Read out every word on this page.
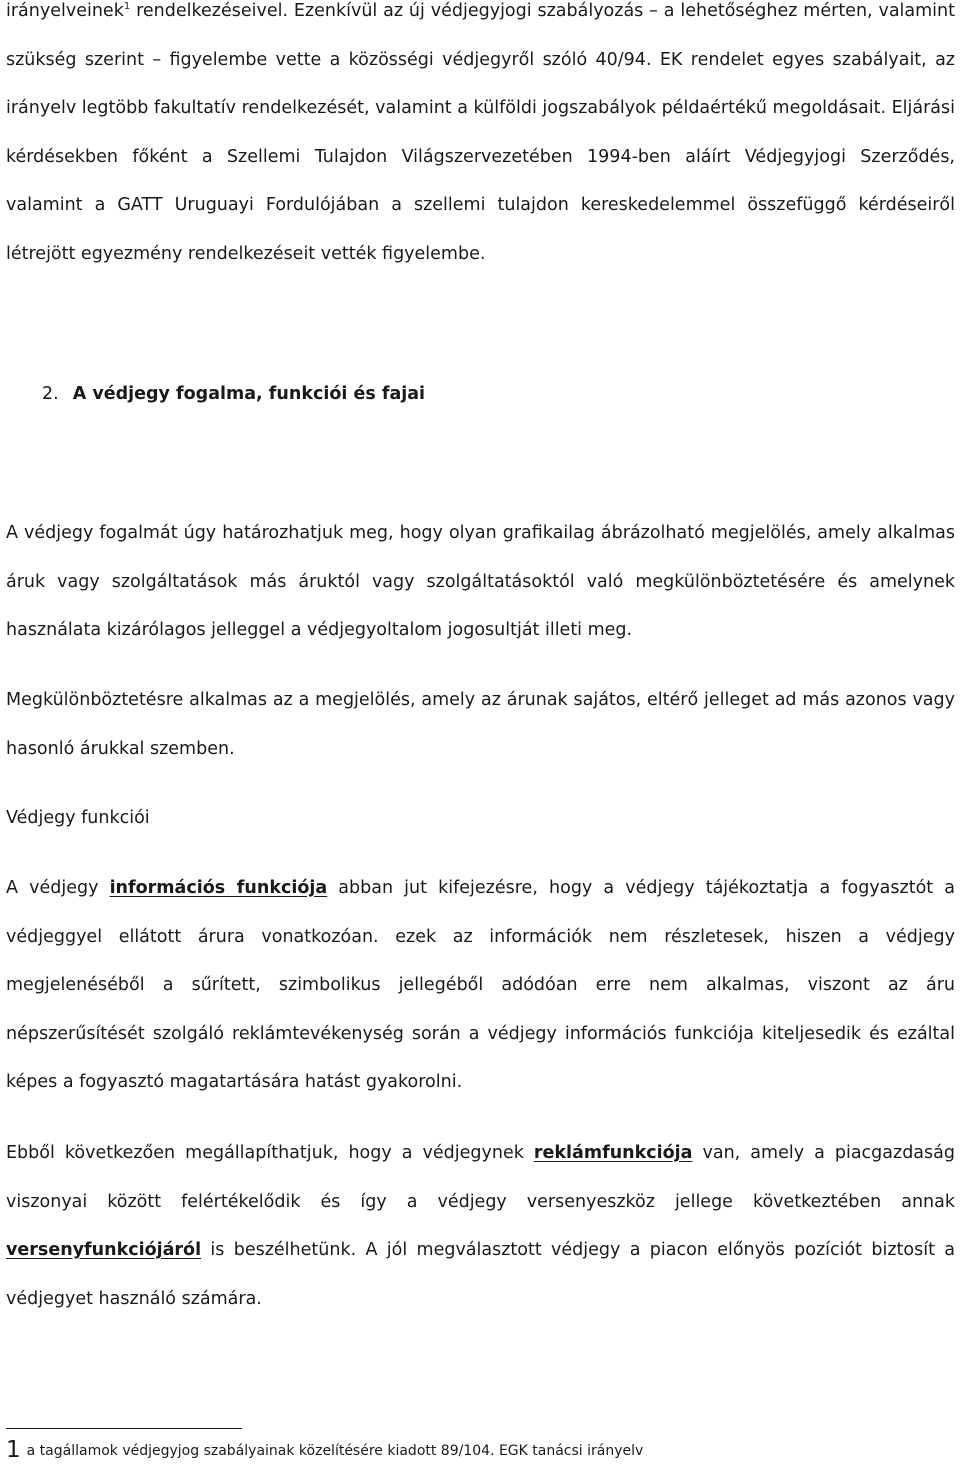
irányelveinek$^1$ rendelkezéseivel. Ezenkívül az új védjegyjogi szabályozás – a lehetőséghez mérten, valamint szükség szerint – figyelembe vette a közösségi védjegyről szóló 40/94. EK rendelet egyes szabályait, az irányelv legtöbb fakultatív rendelkezését, valamint a külföldi jogszabályok példaértékű megoldásait. Eljárási kérdésekben főként a Szellemi Tulajdon Világszervezetében 1994-ben aláírt Védjegyjogi Szerződés, valamint a GATT Uruguayi Fordulójában a szellemi tulajdon kereskedelemmel összefüggő kérdéseiről létrejött egyezmény rendelkezéseit vették figyelembe.

2. A védjegy fogalma, funkciói és fajai

A védjegy fogalmát úgy határozhatjuk meg, hogy olyan grafikailag ábrázolható megjelölés, amely alkalmas áruk vagy szolgáltatások más áruktól vagy szolgáltatásoktól való megkülönböztetésére és amelynek használata kizárólagos jelleggel a védjegyoltalom jogosultját illeti meg.

Megkülönböztetésre alkalmas az a megjelölés, amely az árunak sajátos, eltérő jelleget ad más azonos vagy hasonló árukkal szemben.

Védjegy funkciói

A védjegy információs funkciója abban jut kifejezésre, hogy a védjegy tájékoztatja a fogyasztót a védjeggyel ellátott árura vonatkozóan. ezek az információk nem részletesek, hiszen a védjegy megjelenéséből a sűrített, szimbolikus jellegéből adódóan erre nem alkalmas, viszont az áru népszerűsítését szolgáló reklámtevékenység során a védjegy információs funkciója kiteljesedik és ezáltal képes a fogyasztó magatartására hatást gyakorolni.

Ebből következően megállapíthatjuk, hogy a védjegynek reklámfunkciója van, amely a piacgazdaság viszonyai között felértékelődik és így a védjegy versenyeszköz jellege következtében annak versenyfunkciójáról is beszélhetünk. A jól megválasztott védjegy a piacon előnyös pozíciót biztosít a védjegyet használó számára.

1 a tagállamok védjegyjog szabályainak közelítésére kiadott 89/104. EGK tanácsi irányelv
